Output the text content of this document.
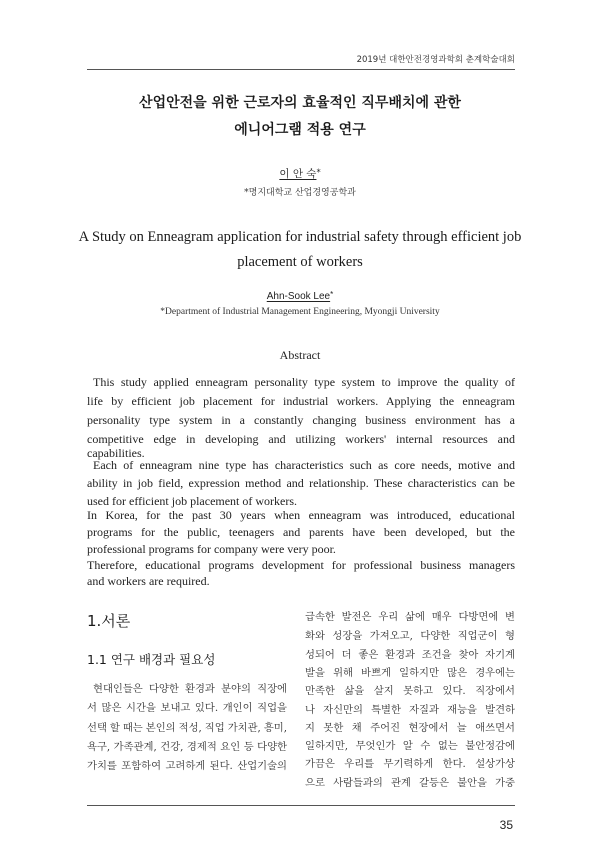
2019년 대한안전경영과학회 춘계학술대회
산업안전을 위한 근로자의 효율적인 직무배치에 관한
에니어그램 적용 연구
이 안 숙*
*명지대학교 산업경영공학과
A Study on Enneagram application for industrial safety through efficient job
placement of workers
Ahn-Sook Lee*
*Department of Industrial Management Engineering, Myongji University
Abstract
This study applied enneagram personality type system to improve the quality of
life by efficient job placement for industrial workers. Applying the enneagram
personality type system in a constantly changing business environment has a
competitive edge in developing and utilizing workers' internal resources and
capabilities.
Each of enneagram nine type has characteristics such as core needs, motive and
ability in job field, expression method and relationship. These characteristics can be
used for efficient job placement of workers.
In Korea, for the past 30 years when enneagram was introduced, educational
programs for the public, teenagers and parents have been developed, but the
professional programs for company were very poor.
Therefore, educational programs development for professional business managers
and workers are required.
1.서론
1.1 연구 배경과 필요성
현대인들은 다양한 환경과 분야의 직장에
서 많은 시간을 보내고 있다. 개인이 직업을
선택 할 때는 본인의 적성, 직업 가치관, 흥미,
욕구, 가족관계, 건강, 경제적 요인 등 다양한
가치를 포함하여 고려하게 된다. 산업기술의
급속한 발전은 우리 삶에 매우 다방면에 변
화와 성장을 가져오고, 다양한 직업군이 형
성되어 더 좋은 환경과 조건을 찾아 자기계
발을 위해 바쁘게 일하지만 많은 경우에는
만족한 삶을 살지 못하고 있다. 직장에서
나 자신만의 특별한 자질과 재능을 발견하
지 못한 채 주어진 현장에서 늘 애쓰면서
일하지만, 무엇인가 알 수 없는 불안정감에
가끔은 우리를 무기력하게 한다. 설상가상
으로 사람들과의 관계 갈등은 불안을 가중
35
